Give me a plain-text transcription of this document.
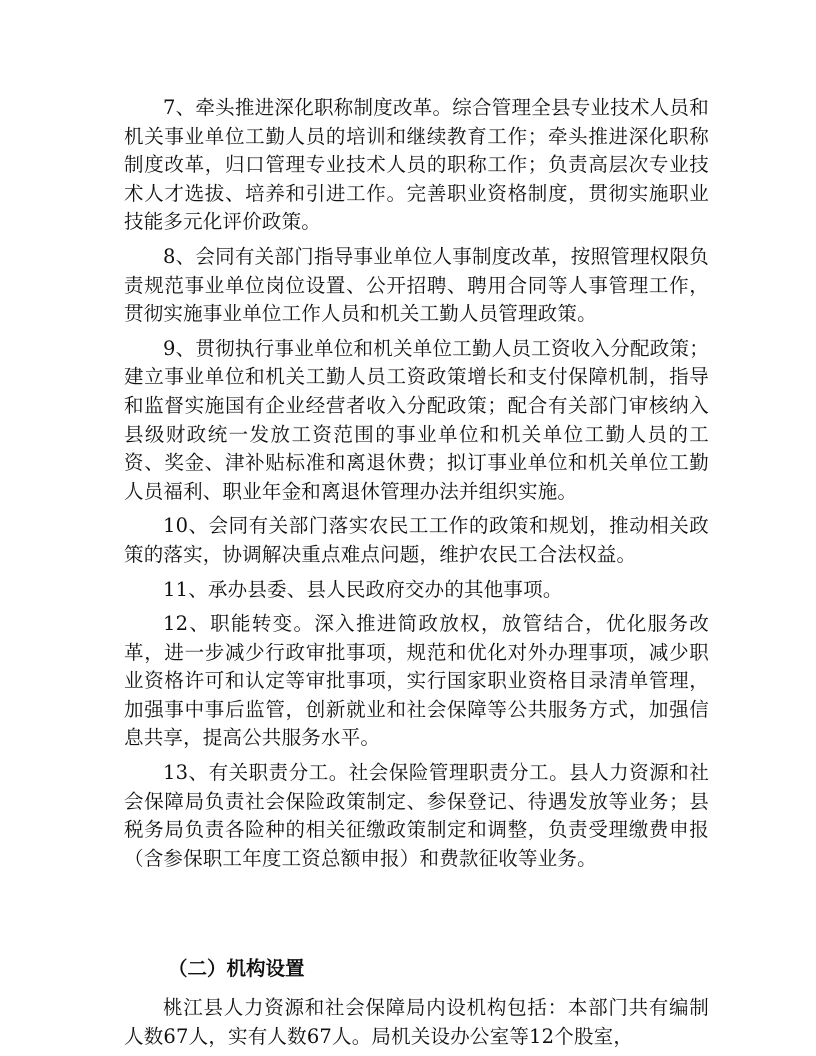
7、牵头推进深化职称制度改革。综合管理全县专业技术人员和机关事业单位工勤人员的培训和继续教育工作；牵头推进深化职称制度改革，归口管理专业技术人员的职称工作；负责高层次专业技术人才选拔、培养和引进工作。完善职业资格制度，贯彻实施职业技能多元化评价政策。

8、会同有关部门指导事业单位人事制度改革，按照管理权限负责规范事业单位岗位设置、公开招聘、聘用合同等人事管理工作，贯彻实施事业单位工作人员和机关工勤人员管理政策。

9、贯彻执行事业单位和机关单位工勤人员工资收入分配政策；建立事业单位和机关工勤人员工资政策增长和支付保障机制，指导和监督实施国有企业经营者收入分配政策；配合有关部门审核纳入县级财政统一发放工资范围的事业单位和机关单位工勤人员的工资、奖金、津补贴标准和离退休费；拟订事业单位和机关单位工勤人员福利、职业年金和离退休管理办法并组织实施。

10、会同有关部门落实农民工工作的政策和规划，推动相关政策的落实，协调解决重点难点问题，维护农民工合法权益。

11、承办县委、县人民政府交办的其他事项。

12、职能转变。深入推进简政放权，放管结合，优化服务改革，进一步减少行政审批事项，规范和优化对外办理事项，减少职业资格许可和认定等审批事项，实行国家职业资格目录清单管理，加强事中事后监管，创新就业和社会保障等公共服务方式，加强信息共享，提高公共服务水平。

13、有关职责分工。社会保险管理职责分工。县人力资源和社会保障局负责社会保险政策制定、参保登记、待遇发放等业务；县税务局负责各险种的相关征缴政策制定和调整，负责受理缴费申报（含参保职工年度工资总额申报）和费款征收等业务。

（二）机构设置

桃江县人力资源和社会保障局内设机构包括：本部门共有编制人数67人，实有人数67人。局机关设办公室等12个股室，
